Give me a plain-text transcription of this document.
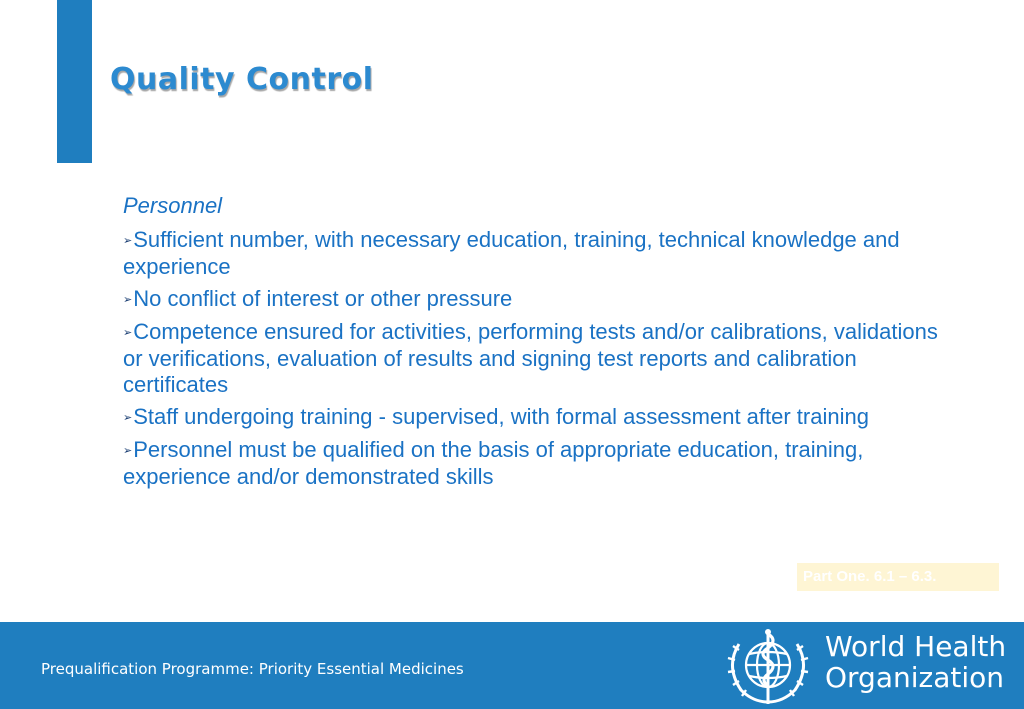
Quality Control

Personnel

➢Sufficient number, with necessary education, training, technical knowledge and experience

➢No conflict of interest or other pressure

➢Competence ensured for activities, performing tests and/or calibrations, validations or verifications, evaluation of results and signing test reports and calibration certificates

➢Staff undergoing training - supervised, with formal assessment after training

➢Personnel must be qualified on the basis of appropriate education, training, experience and/or demonstrated skills

Part One. 6.1 – 6.3.
Prequalification Programme: Priority Essential Medicines
World Health
Organization
